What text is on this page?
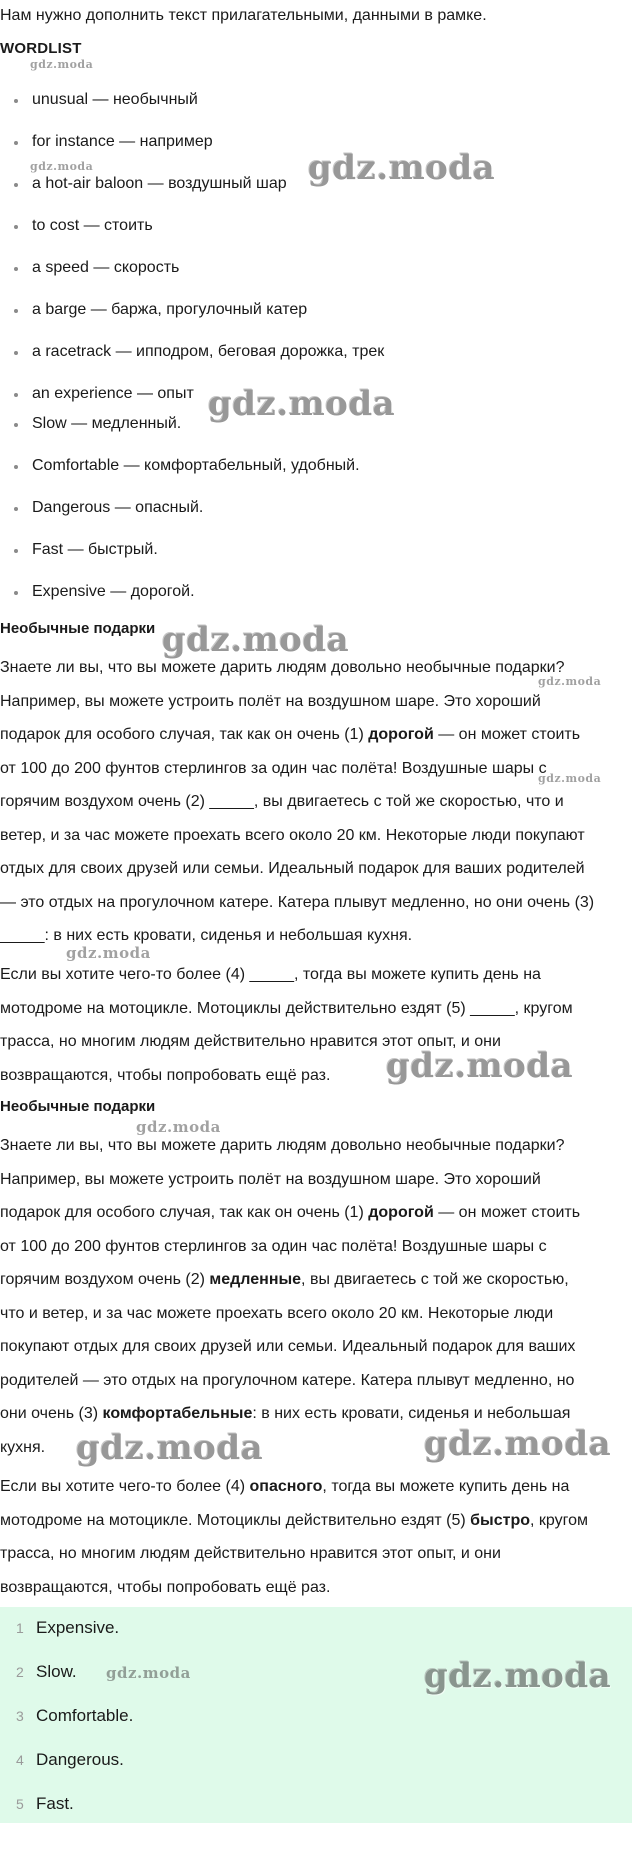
Нам нужно дополнить текст прилагательными, данными в рамке.
WORDLIST
unusual — необычный
for instance — например
a hot-air baloon — воздушный шар
to cost — стоить
a speed — скорость
a barge — баржа, прогулочный катер
a racetrack — ипподром, беговая дорожка, трек
an experience — опыт
Slow — медленный.
Comfortable — комфортабельный, удобный.
Dangerous — опасный.
Fast — быстрый.
Expensive — дорогой.
Необычные подарки
Знаете ли вы, что вы можете дарить людям довольно необычные подарки?
Например, вы можете устроить полёт на воздушном шаре. Это хороший
подарок для особого случая, так как он очень (1) дорогой — он может стоить
от 100 до 200 фунтов стерлингов за один час полёта! Воздушные шары с
горячим воздухом очень (2) _____, вы двигаетесь с той же скоростью, что и
ветер, и за час можете проехать всего около 20 км. Некоторые люди покупают
отдых для своих друзей или семьи. Идеальный подарок для ваших родителей
— это отдых на прогулочном катере. Катера плывут медленно, но они очень (3)
_____: в них есть кровати, сиденья и небольшая кухня.
Если вы хотите чего-то более (4) _____, тогда вы можете купить день на
мотодроме на мотоцикле. Мотоциклы действительно ездят (5) _____, кругом
трасса, но многим людям действительно нравится этот опыт, и они
возвращаются, чтобы попробовать ещё раз.
Необычные подарки
Знаете ли вы, что вы можете дарить людям довольно необычные подарки?
Например, вы можете устроить полёт на воздушном шаре. Это хороший
подарок для особого случая, так как он очень (1) дорогой — он может стоить
от 100 до 200 фунтов стерлингов за один час полёта! Воздушные шары с
горячим воздухом очень (2) медленные, вы двигаетесь с той же скоростью,
что и ветер, и за час можете проехать всего около 20 км. Некоторые люди
покупают отдых для своих друзей или семьи. Идеальный подарок для ваших
родителей — это отдых на прогулочном катере. Катера плывут медленно, но
они очень (3) комфортабельные: в них есть кровати, сиденья и небольшая
кухня.
Если вы хотите чего-то более (4) опасного, тогда вы можете купить день на
мотодроме на мотоцикле. Мотоциклы действительно ездят (5) быстро, кругом
трасса, но многим людям действительно нравится этот опыт, и они
возвращаются, чтобы попробовать ещё раз.
1 Expensive.
2 Slow.
3 Comfortable.
4 Dangerous.
5 Fast.
gdz.moda
gdz.moda	gdz.moda
gdz.moda
gdz.moda
gdz.moda
gdz.moda
gdz.moda
gdz.moda
gdz.moda
gdz.moda	gdz.moda
gdz.moda	gdz.moda
